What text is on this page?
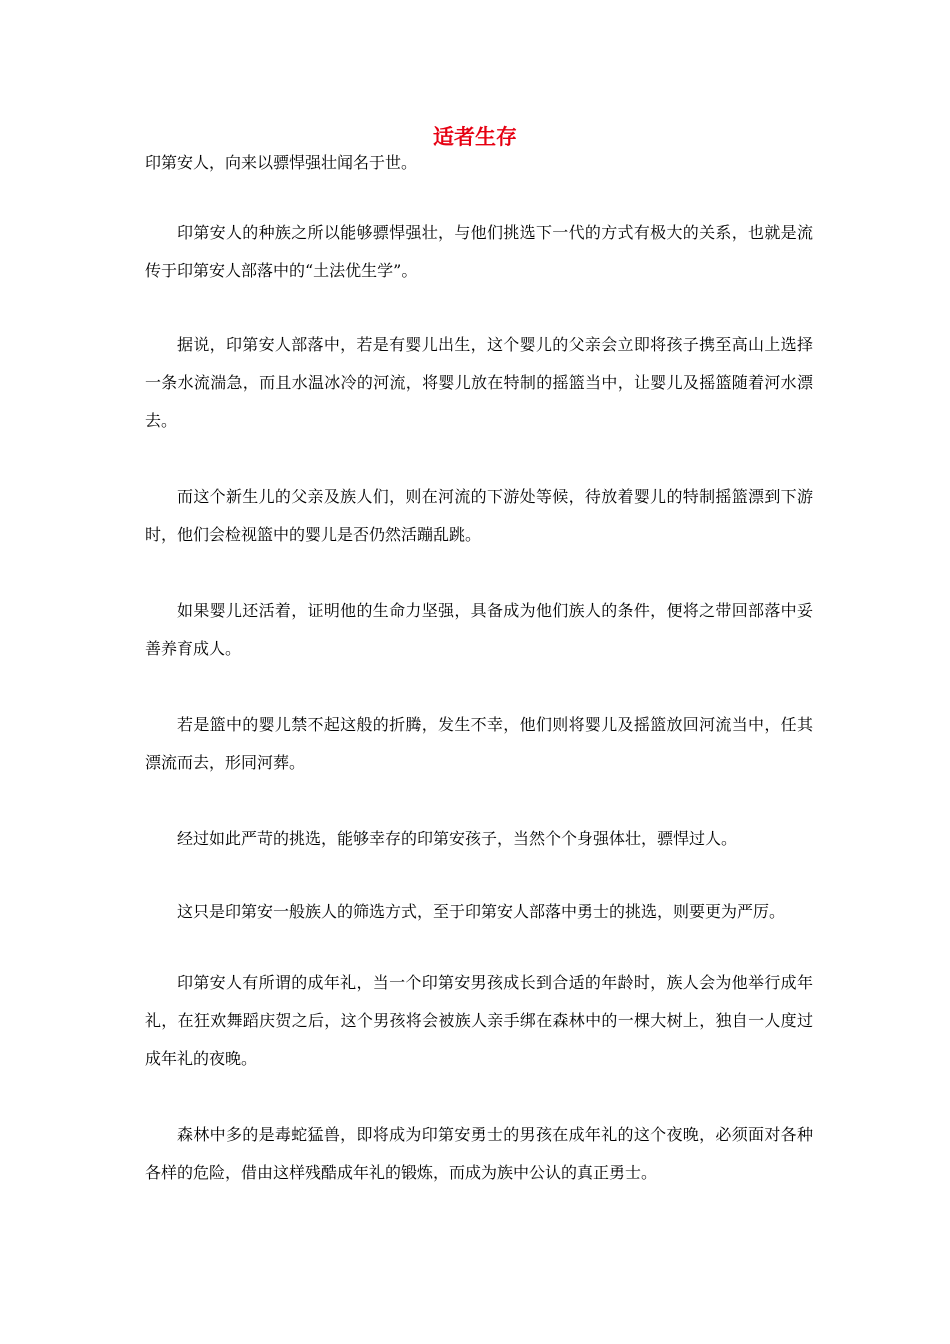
适者生存

印第安人，向来以骠悍强壮闻名于世。

印第安人的种族之所以能够骠悍强壮，与他们挑选下一代的方式有极大的关系，也就是流传于印第安人部落中的“土法优生学”。

据说，印第安人部落中，若是有婴儿出生，这个婴儿的父亲会立即将孩子携至高山上选择一条水流湍急，而且水温冰冷的河流，将婴儿放在特制的摇篮当中，让婴儿及摇篮随着河水漂去。

而这个新生儿的父亲及族人们，则在河流的下游处等候，待放着婴儿的特制摇篮漂到下游时，他们会检视篮中的婴儿是否仍然活蹦乱跳。

如果婴儿还活着，证明他的生命力坚强，具备成为他们族人的条件，便将之带回部落中妥善养育成人。

若是篮中的婴儿禁不起这般的折腾，发生不幸，他们则将婴儿及摇篮放回河流当中，任其漂流而去，形同河葬。

经过如此严苛的挑选，能够幸存的印第安孩子，当然个个身强体壮，骠悍过人。

这只是印第安一般族人的筛选方式，至于印第安人部落中勇士的挑选，则要更为严厉。

印第安人有所谓的成年礼，当一个印第安男孩成长到合适的年龄时，族人会为他举行成年礼，在狂欢舞蹈庆贺之后，这个男孩将会被族人亲手绑在森林中的一棵大树上，独自一人度过成年礼的夜晚。

森林中多的是毒蛇猛兽，即将成为印第安勇士的男孩在成年礼的这个夜晚，必须面对各种各样的危险，借由这样残酷成年礼的锻炼，而成为族中公认的真正勇士。
